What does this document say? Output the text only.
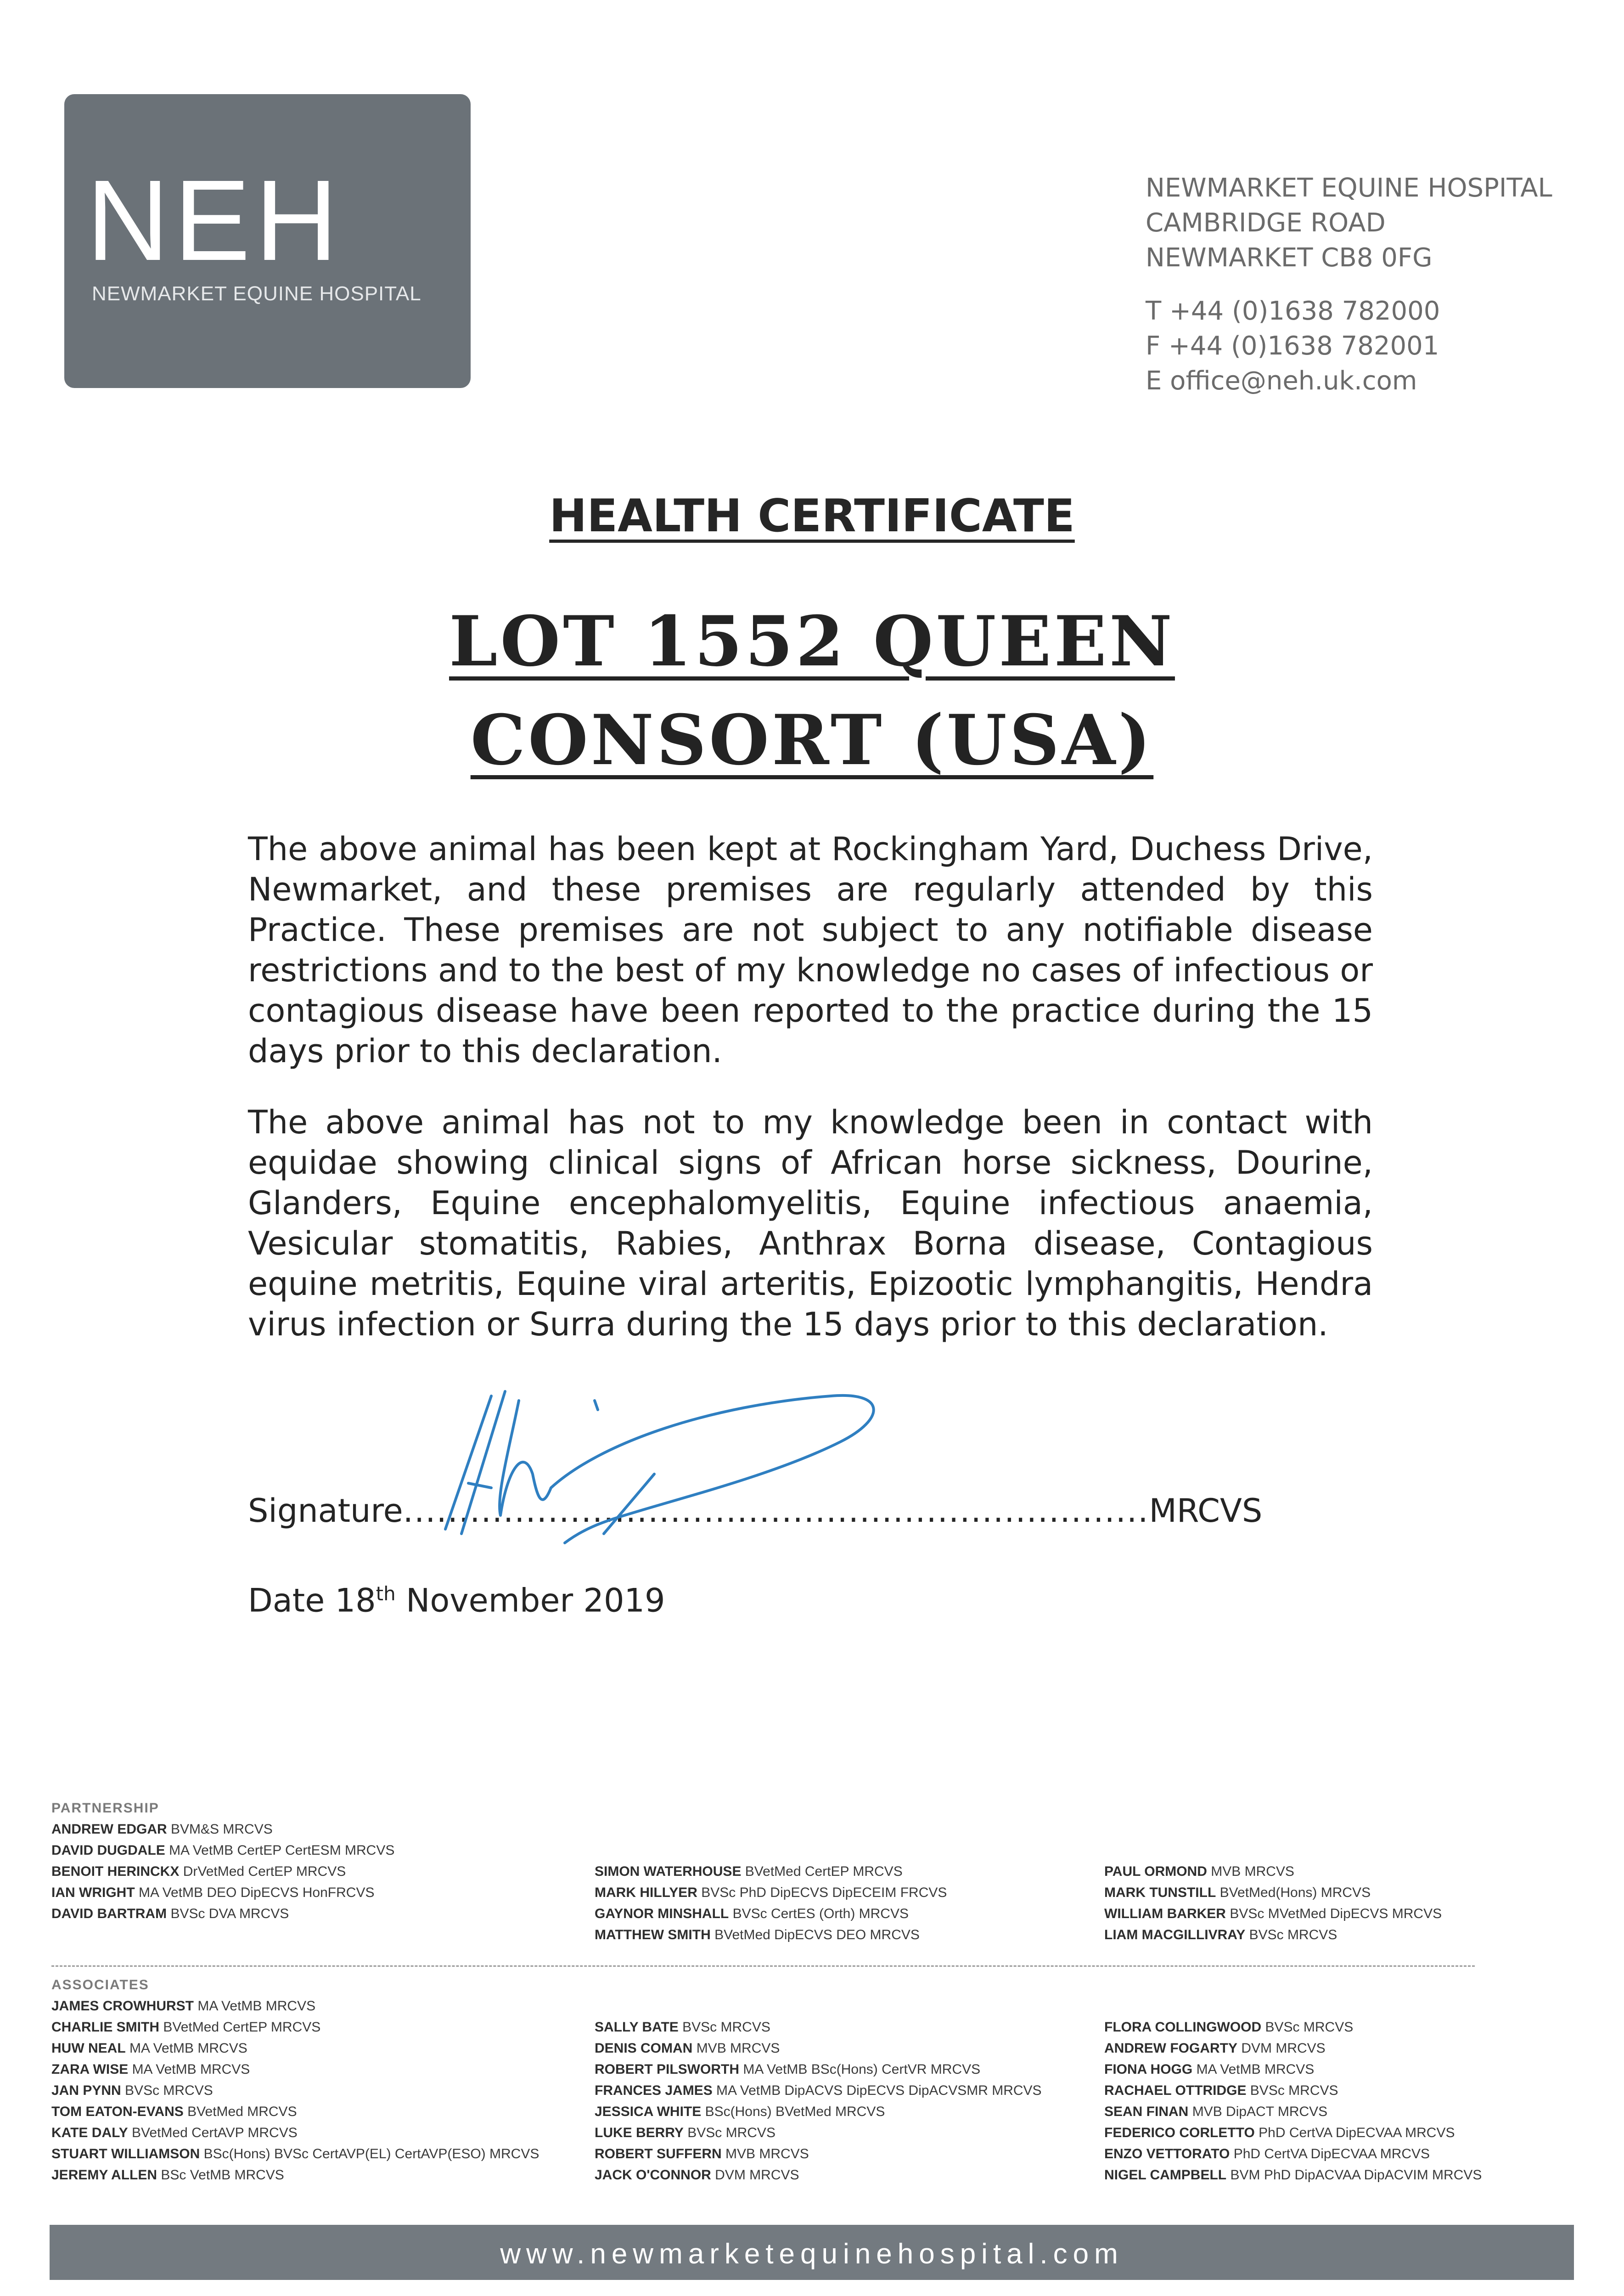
NEH
NEWMARKET EQUINE HOSPITAL
NEWMARKET EQUINE HOSPITAL
CAMBRIDGE ROAD
NEWMARKET CB8 0FG
T +44 (0)1638 782000
F +44 (0)1638 782001
E office@neh.uk.com
HEALTH CERTIFICATE
LOT 1552 QUEEN
CONSORT (USA)

The above animal has been kept at Rockingham Yard, Duchess Drive, Newmarket, and these premises are regularly attended by this Practice. These premises are not subject to any notifiable disease restrictions and to the best of my knowledge no cases of infectious or contagious disease have been reported to the practice during the 15 days prior to this declaration.

The above animal has not to my knowledge been in contact with equidae showing clinical signs of African horse sickness, Dourine, Glanders, Equine encephalomyelitis, Equine infectious anaemia, Vesicular stomatitis, Rabies, Anthrax Borna disease, Contagious equine metritis, Equine viral arteritis, Epizootic lymphangitis, Hendra virus infection or Surra during the 15 days prior to this declaration.

Signature...................................................................MRCVS
Date 18th November 2019
PARTNERSHIP
ANDREW EDGAR BVM&S MRCVS
DAVID DUGDALE MA VetMB CertEP CertESM MRCVS
BENOIT HERINCKX DrVetMed CertEP MRCVS
IAN WRIGHT MA VetMB DEO DipECVS HonFRCVS
DAVID BARTRAM BVSc DVA MRCVS
SIMON WATERHOUSE BVetMed CertEP MRCVS
MARK HILLYER BVSc PhD DipECVS DipECEIM FRCVS
GAYNOR MINSHALL BVSc CertES (Orth) MRCVS
MATTHEW SMITH BVetMed DipECVS DEO MRCVS
PAUL ORMOND MVB MRCVS
MARK TUNSTILL BVetMed(Hons) MRCVS
WILLIAM BARKER BVSc MVetMed DipECVS MRCVS
LIAM MACGILLIVRAY BVSc MRCVS
ASSOCIATES
JAMES CROWHURST MA VetMB MRCVS
CHARLIE SMITH BVetMed CertEP MRCVS
HUW NEAL MA VetMB MRCVS
ZARA WISE MA VetMB MRCVS
JAN PYNN BVSc MRCVS
TOM EATON-EVANS BVetMed MRCVS
KATE DALY BVetMed CertAVP MRCVS
STUART WILLIAMSON BSc(Hons) BVSc CertAVP(EL) CertAVP(ESO) MRCVS
JEREMY ALLEN BSc VetMB MRCVS
SALLY BATE BVSc MRCVS
DENIS COMAN MVB MRCVS
ROBERT PILSWORTH MA VetMB BSc(Hons) CertVR MRCVS
FRANCES JAMES MA VetMB DipACVS DipECVS DipACVSMR MRCVS
JESSICA WHITE BSc(Hons) BVetMed MRCVS
LUKE BERRY BVSc MRCVS
ROBERT SUFFERN MVB MRCVS
JACK O'CONNOR DVM MRCVS
FLORA COLLINGWOOD BVSc MRCVS
ANDREW FOGARTY DVM MRCVS
FIONA HOGG MA VetMB MRCVS
RACHAEL OTTRIDGE BVSc MRCVS
SEAN FINAN MVB DipACT MRCVS
FEDERICO CORLETTO PhD CertVA DipECVAA MRCVS
ENZO VETTORATO PhD CertVA DipECVAA MRCVS
NIGEL CAMPBELL BVM PhD DipACVAA DipACVIM MRCVS
www.newmarketequinehospital.com
